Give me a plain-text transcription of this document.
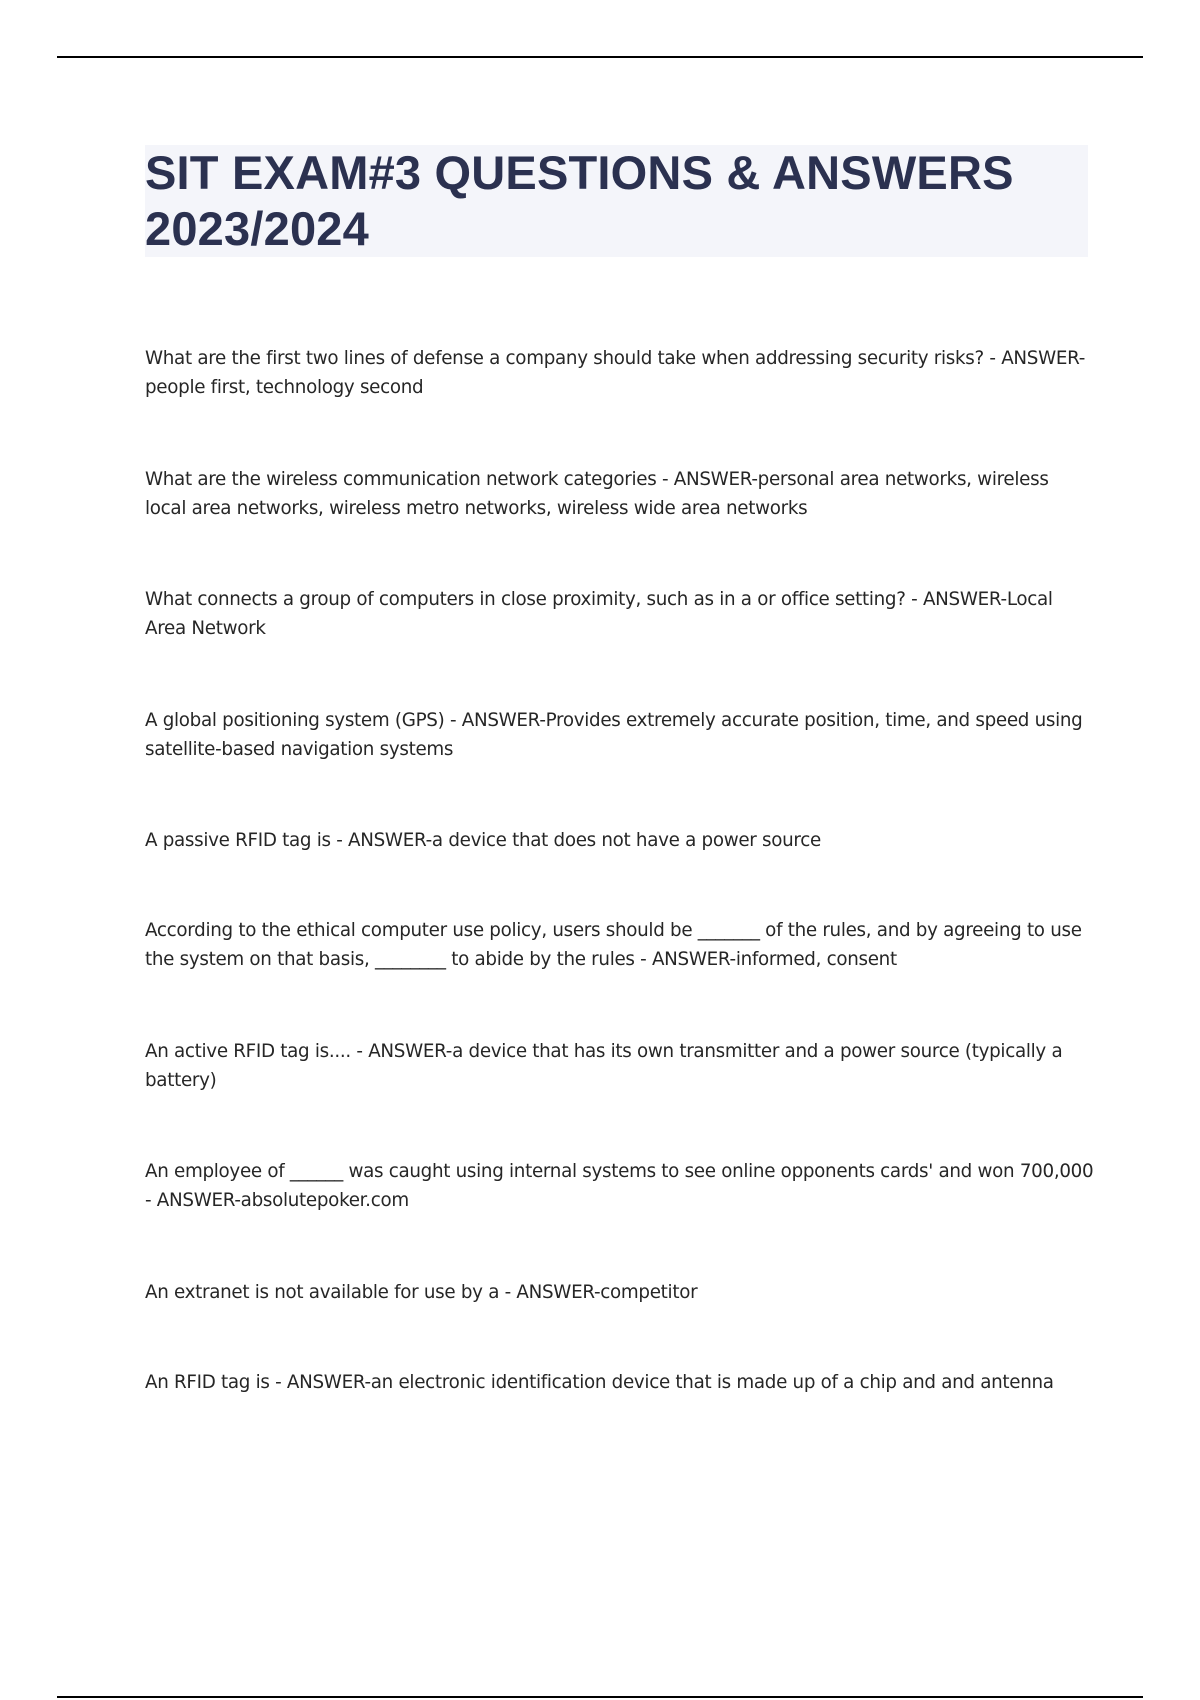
SIT EXAM#3 QUESTIONS & ANSWERS
2023/2024
What are the first two lines of defense a company should take when addressing security risks? - ANSWER-people first, technology second
What are the wireless communication network categories - ANSWER-personal area networks, wireless local area networks, wireless metro networks, wireless wide area networks
What connects a group of computers in close proximity, such as in a or office setting? - ANSWER-Local Area Network
A global positioning system (GPS) - ANSWER-Provides extremely accurate position, time, and speed using satellite-based navigation systems
A passive RFID tag is - ANSWER-a device that does not have a power source
According to the ethical computer use policy, users should be _______ of the rules, and by agreeing to use the system on that basis, ________ to abide by the rules - ANSWER-informed, consent
An active RFID tag is.... - ANSWER-a device that has its own transmitter and a power source (typically a battery)
An employee of ______ was caught using internal systems to see online opponents cards' and won 700,000 - ANSWER-absolutepoker.com
An extranet is not available for use by a - ANSWER-competitor
An RFID tag is - ANSWER-an electronic identification device that is made up of a chip and and antenna
